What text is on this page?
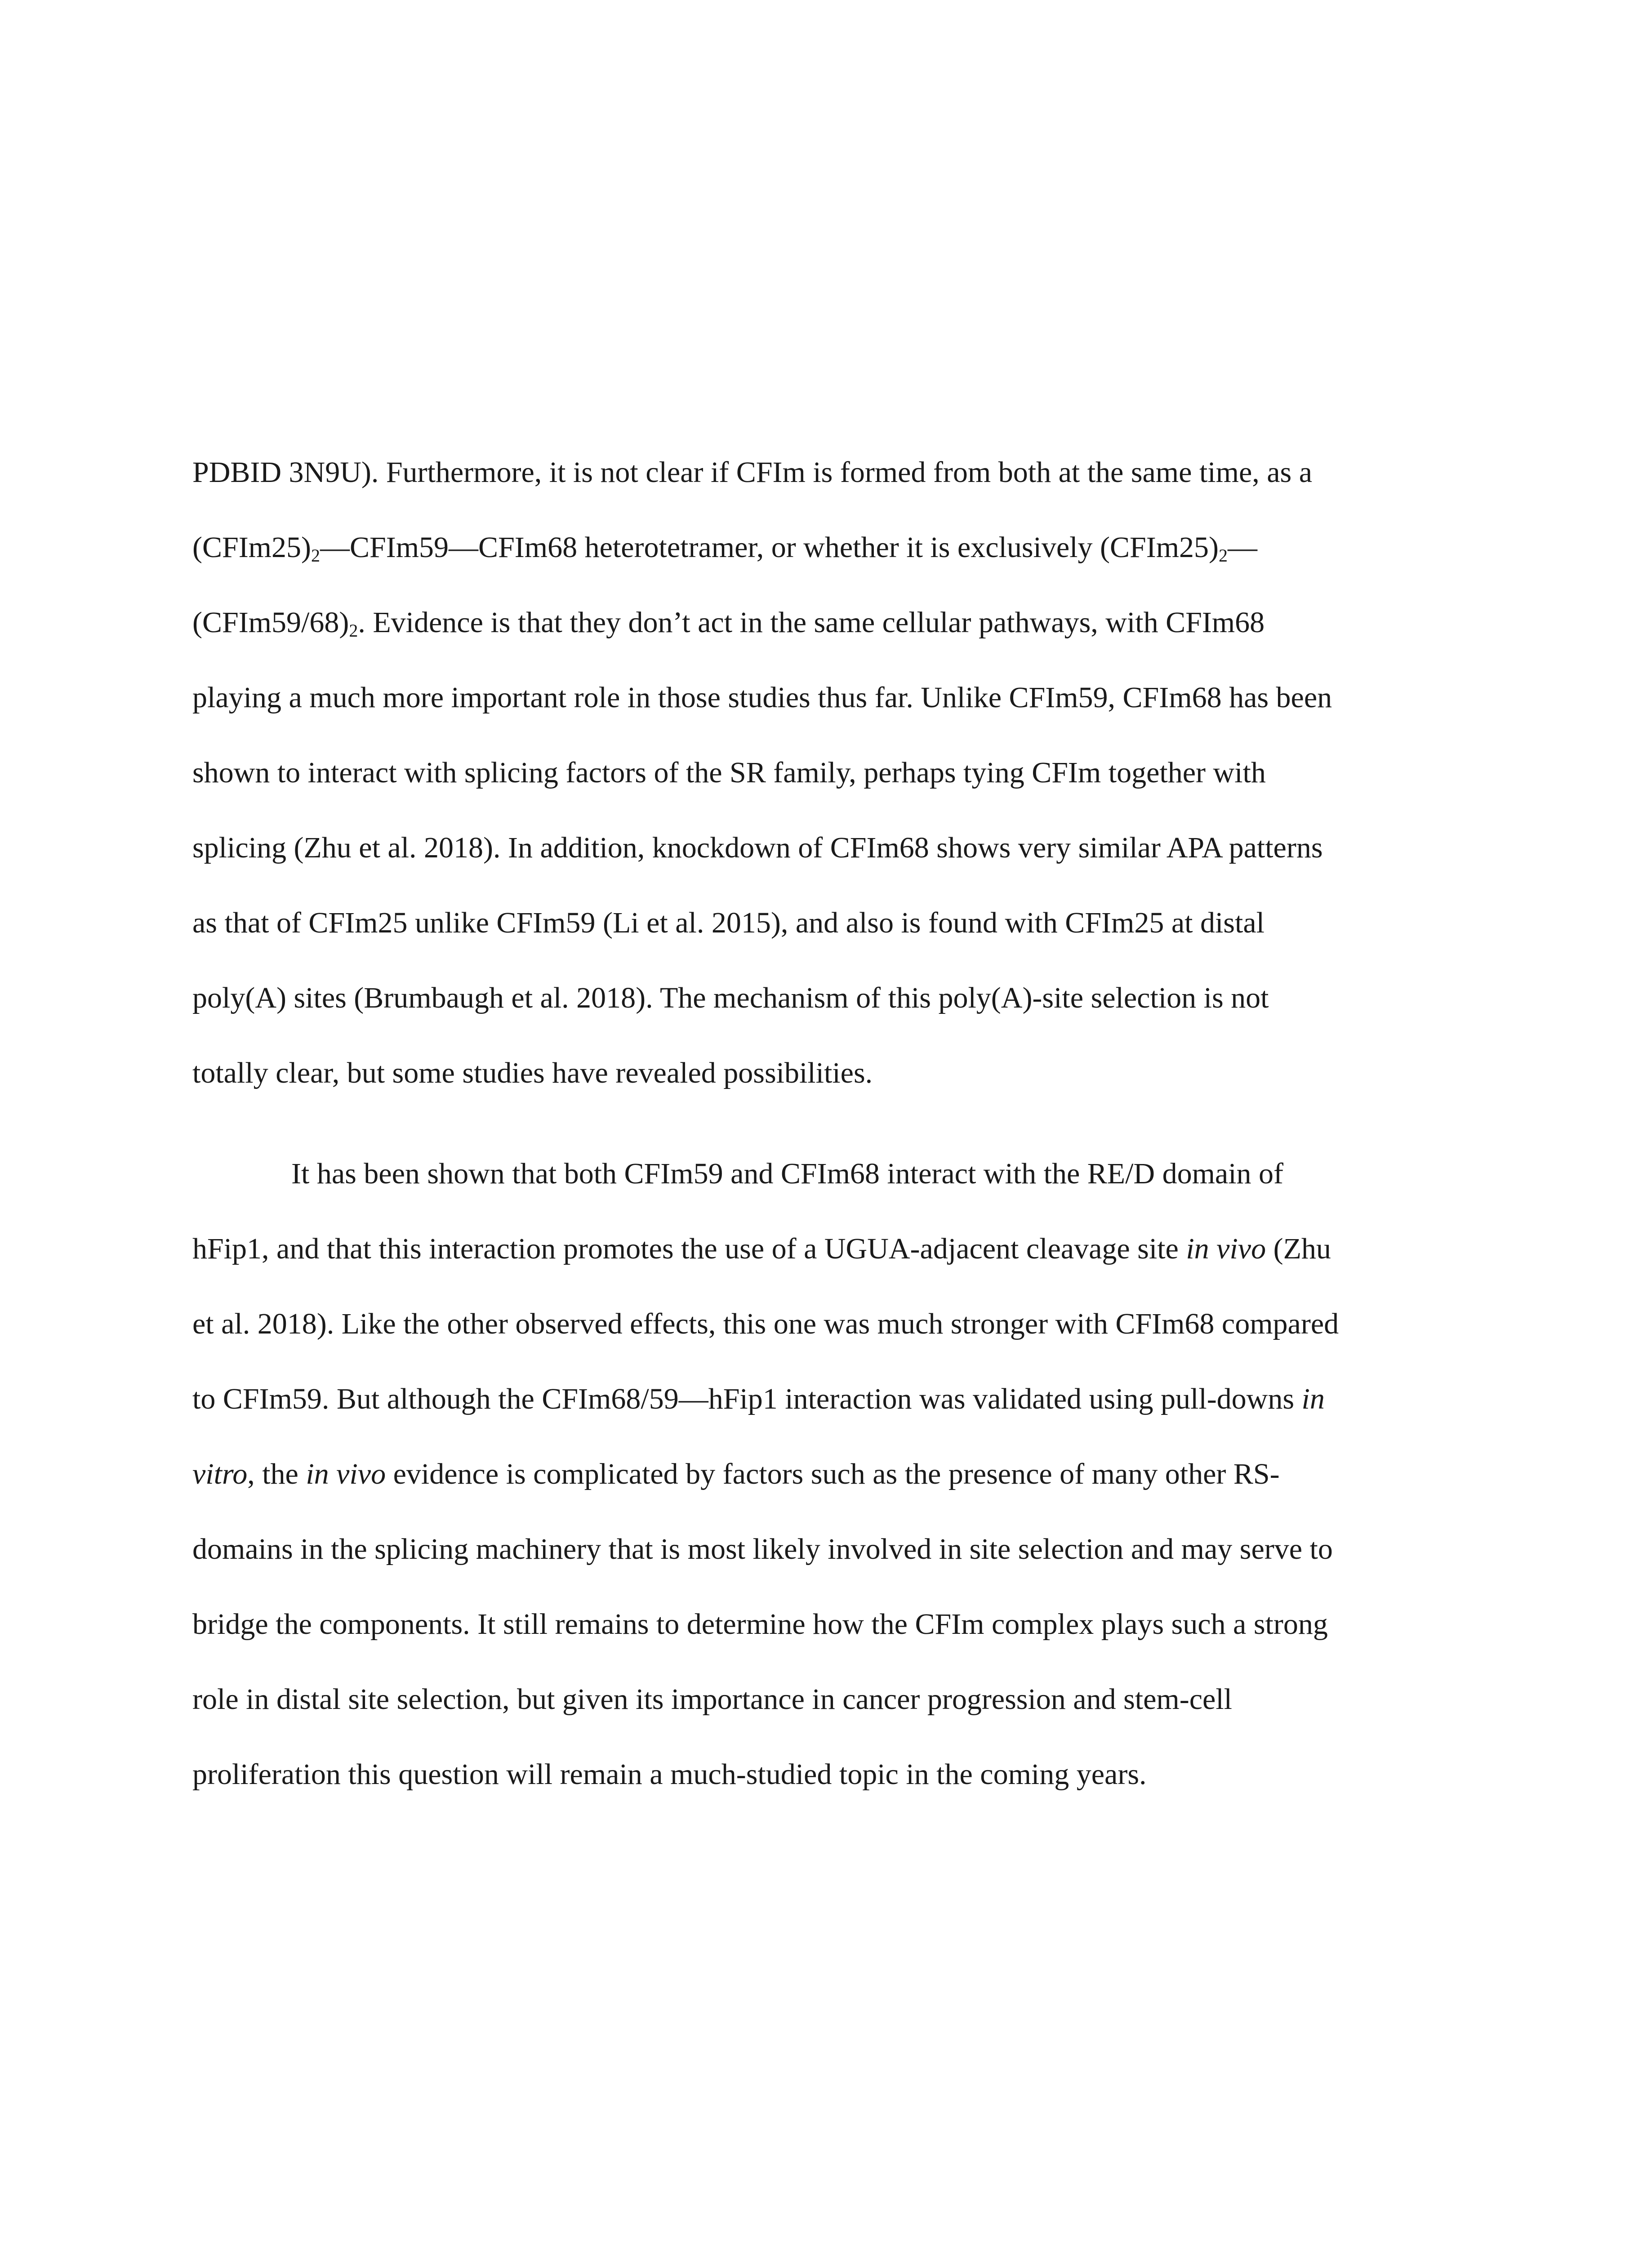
PDBID 3N9U). Furthermore, it is not clear if CFIm is formed from both at the same time, as a
$(CFIm25)_2—CFIm59—CFIm68$ heterotetramer, or whether it is exclusively $(CFIm25)_2—$
$(CFIm59/68)_2$. Evidence is that they don’t act in the same cellular pathways, with CFIm68
playing a much more important role in those studies thus far. Unlike CFIm59, CFIm68 has been
shown to interact with splicing factors of the SR family, perhaps tying CFIm together with
splicing (Zhu et al. 2018). In addition, knockdown of CFIm68 shows very similar APA patterns
as that of CFIm25 unlike CFIm59 (Li et al. 2015), and also is found with CFIm25 at distal
poly(A) sites (Brumbaugh et al. 2018). The mechanism of this poly(A)-site selection is not
totally clear, but some studies have revealed possibilities.
It has been shown that both CFIm59 and CFIm68 interact with the RE/D domain of
hFip1, and that this interaction promotes the use of a UGUA-adjacent cleavage site in vivo (Zhu
et al. 2018). Like the other observed effects, this one was much stronger with CFIm68 compared
to CFIm59. But although the CFIm68/59—hFip1 interaction was validated using pull-downs in
vitro, the in vivo evidence is complicated by factors such as the presence of many other RS-
domains in the splicing machinery that is most likely involved in site selection and may serve to
bridge the components. It still remains to determine how the CFIm complex plays such a strong
role in distal site selection, but given its importance in cancer progression and stem-cell
proliferation this question will remain a much-studied topic in the coming years.
